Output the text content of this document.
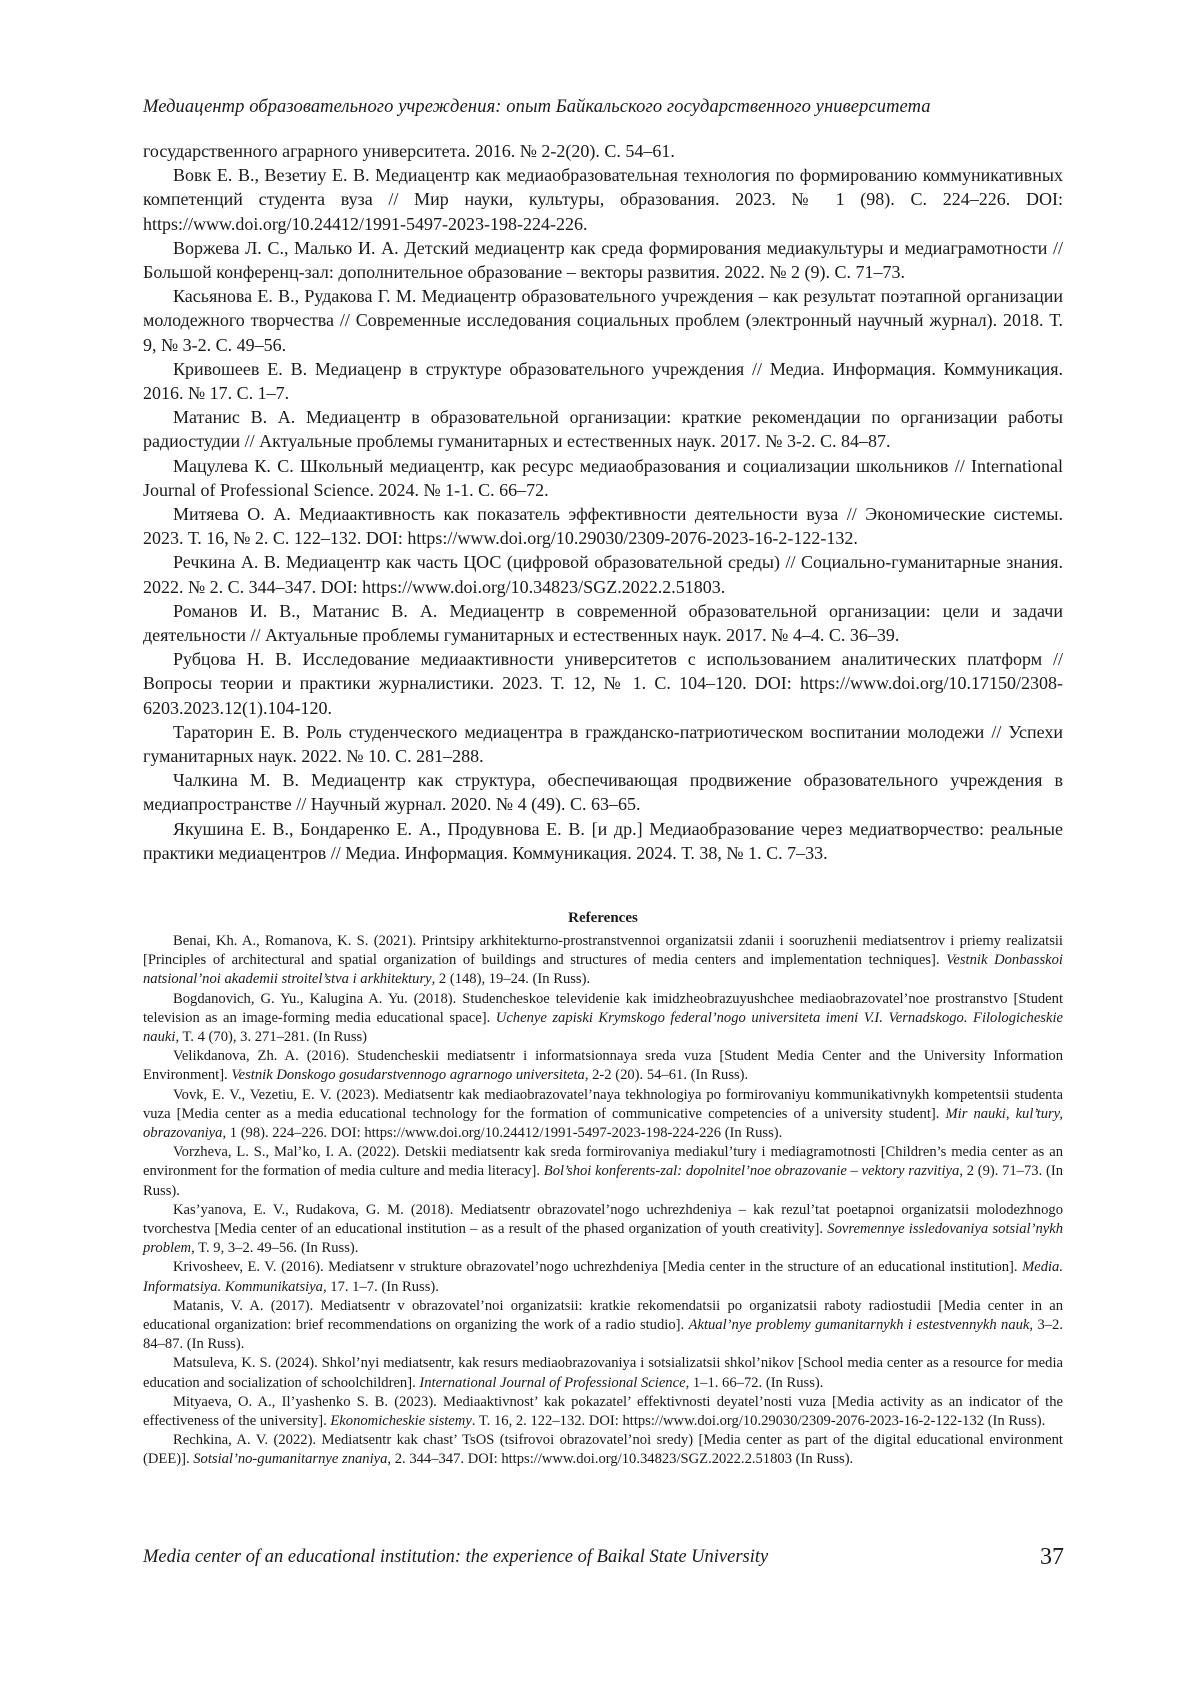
Медиацентр образовательного учреждения: опыт Байкальского государственного университета

государственного аграрного университета. 2016. № 2-2(20). С. 54–61.

Вовк Е. В., Везетиу Е. В. Медиацентр как медиаобразовательная технология по формированию коммуникативных компетенций студента вуза // Мир науки, культуры, образования. 2023. № 1 (98). С. 224–226. DOI: https://www.doi.org/10.24412/1991-5497-2023-198-224-226.

Воржева Л. С., Малько И. А. Детский медиацентр как среда формирования медиакультуры и медиаграмотности // Большой конференц-зал: дополнительное образование – векторы развития. 2022. № 2 (9). С. 71–73.

Касьянова Е. В., Рудакова Г. М. Медиацентр образовательного учреждения – как результат поэтапной организации молодежного творчества // Современные исследования социальных проблем (электронный научный журнал). 2018. Т. 9, № 3-2. С. 49–56.

Кривошеев Е. В. Медиаценр в структуре образовательного учреждения // Медиа. Информация. Коммуникация. 2016. № 17. С. 1–7.

Матанис В. А. Медиацентр в образовательной организации: краткие рекомендации по организации работы радиостудии // Актуальные проблемы гуманитарных и естественных наук. 2017. № 3-2. С. 84–87.

Мацулева К. С. Школьный медиацентр, как ресурс медиаобразования и социализации школьников // International Journal of Professional Science. 2024. № 1-1. С. 66–72.

Митяева О. А. Медиаактивность как показатель эффективности деятельности вуза // Экономические системы. 2023. Т. 16, № 2. С. 122–132. DOI: https://www.doi.org/10.29030/2309-2076-2023-16-2-122-132.

Речкина А. В. Медиацентр как часть ЦОС (цифровой образовательной среды) // Социально-гуманитарные знания. 2022. № 2. С. 344–347. DOI: https://www.doi.org/10.34823/SGZ.2022.2.51803.

Романов И. В., Матанис В. А. Медиацентр в современной образовательной организации: цели и задачи деятельности // Актуальные проблемы гуманитарных и естественных наук. 2017. № 4–4. С. 36–39.

Рубцова Н. В. Исследование медиаактивности университетов с использованием аналитических платформ // Вопросы теории и практики журналистики. 2023. Т. 12, № 1. С. 104–120. DOI: https://www.doi.org/10.17150/2308-6203.2023.12(1).104-120.

Тараторин Е. В. Роль студенческого медиацентра в гражданско-патриотическом воспитании молодежи // Успехи гуманитарных наук. 2022. № 10. С. 281–288.

Чалкина М. В. Медиацентр как структура, обеспечивающая продвижение образовательного учреждения в медиапространстве // Научный журнал. 2020. № 4 (49). С. 63–65.

Якушина Е. В., Бондаренко Е. А., Продувнова Е. В. [и др.] Медиаобразование через медиатворчество: реальные практики медиацентров // Медиа. Информация. Коммуникация. 2024. Т. 38, № 1. С. 7–33.

References

Benai, Kh. A., Romanova, K. S. (2021). Printsipy arkhitekturno-prostranstvennoi organizatsii zdanii i sooruzhenii mediatsentrov i priemy realizatsii [Principles of architectural and spatial organization of buildings and structures of media centers and implementation techniques]. Vestnik Donbasskoi natsional’noi akademii stroitel’stva i arkhitektury, 2 (148), 19–24. (In Russ).

Bogdanovich, G. Yu., Kalugina A. Yu. (2018). Studencheskoe televidenie kak imidzheobrazuyushchee mediaobrazovatel’noe prostranstvo [Student television as an image-forming media educational space]. Uchenye zapiski Krymskogo federal’nogo universiteta imeni V.I. Vernadskogo. Filologicheskie nauki, T. 4 (70), 3. 271–281. (In Russ)

Velikdanova, Zh. A. (2016). Studencheskii mediatsentr i informatsionnaya sreda vuza [Student Media Center and the University Information Environment]. Vestnik Donskogo gosudarstvennogo agrarnogo universiteta, 2-2 (20). 54–61. (In Russ).

Vovk, E. V., Vezetiu, E. V. (2023). Mediatsentr kak mediaobrazovatel’naya tekhnologiya po formirovaniyu kommunikativnykh kompetentsii studenta vuza [Media center as a media educational technology for the formation of communicative competencies of a university student]. Mir nauki, kul’tury, obrazovaniya, 1 (98). 224–226. DOI: https://www.doi.org/10.24412/1991-5497-2023-198-224-226 (In Russ).

Vorzheva, L. S., Mal’ko, I. A. (2022). Detskii mediatsentr kak sreda formirovaniya mediakul’tury i mediagramotnosti [Children’s media center as an environment for the formation of media culture and media literacy]. Bol’shoi konferents-zal: dopolnitel’noe obrazovanie – vektory razvitiya, 2 (9). 71–73. (In Russ).

Kas’yanova, E. V., Rudakova, G. M. (2018). Mediatsentr obrazovatel’nogo uchrezhdeniya – kak rezul’tat poetapnoi organizatsii molodezhnogo tvorchestva [Media center of an educational institution – as a result of the phased organization of youth creativity]. Sovremennye issledovaniya sotsial’nykh problem, T. 9, 3–2. 49–56. (In Russ).

Krivosheev, E. V. (2016). Mediatsenr v strukture obrazovatel’nogo uchrezhdeniya [Media center in the structure of an educational institution]. Media. Informatsiya. Kommunikatsiya, 17. 1–7. (In Russ).

Matanis, V. A. (2017). Mediatsentr v obrazovatel’noi organizatsii: kratkie rekomendatsii po organizatsii raboty radiostudii [Media center in an educational organization: brief recommendations on organizing the work of a radio studio]. Aktual’nye problemy gumanitarnykh i estestvennykh nauk, 3–2. 84–87. (In Russ).

Matsuleva, K. S. (2024). Shkol’nyi mediatsentr, kak resurs mediaobrazovaniya i sotsializatsii shkol’nikov [School media center as a resource for media education and socialization of schoolchildren]. International Journal of Professional Science, 1–1. 66–72. (In Russ).

Mityaeva, O. A., Il’yashenko S. B. (2023). Mediaaktivnost’ kak pokazatel’ effektivnosti deyatel’nosti vuza [Media activity as an indicator of the effectiveness of the university]. Ekonomicheskie sistemy. T. 16, 2. 122–132. DOI: https://www.doi.org/10.29030/2309-2076-2023-16-2-122-132 (In Russ).

Rechkina, A. V. (2022). Mediatsentr kak chast’ TsOS (tsifrovoi obrazovatel’noi sredy) [Media center as part of the digital educational environment (DEE)]. Sotsial’no-gumanitarnye znaniya, 2. 344–347. DOI: https://www.doi.org/10.34823/SGZ.2022.2.51803 (In Russ).

Media center of an educational institution: the experience of Baikal State University	37
